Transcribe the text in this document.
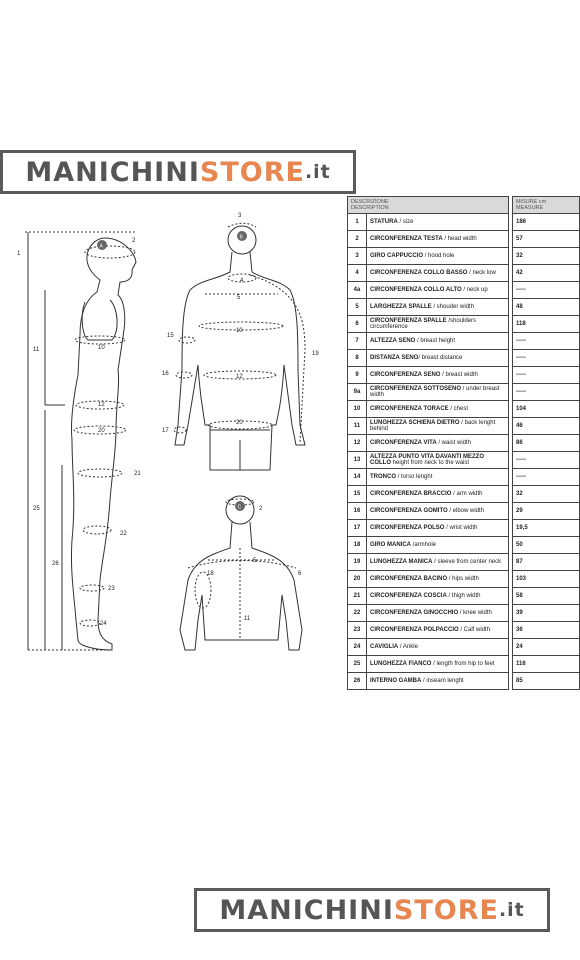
MANICHINI STORE .it
1
2
A
11	10
12
20
21
22
23
24
25
26
3
B
4
5
10
15
16
17
12
20
19
C	2
5
18	6
11
DESCRIZIONE
DESCRIPTION			MISURE cm
MEASURE
1	STATURA / size		186
2	CIRCONFERENZA TESTA / head width		57
3	GIRO CAPPUCCIO / hood hole		32
4	CIRCONFERENZA COLLO BASSO / neck low		42
4a	CIRCONFERENZA COLLO ALTO / neck up		-----
5	LARGHEZZA SPALLE / shouder width		48
6	CIRCONFERENZA SPALLE /shoulders circumference		118
7	ALTEZZA SENO / breast height		-----
8	DISTANZA SENO/ breast distance		-----
9	CIRCONFERENZA SENO / breast width		-----
9a	CIRCONFERENZA SOTTOSENO / under breast width		-----
10	CIRCONFERENZA TORACE / chest		104
11	LUNGHEZZA SCHIENA DIETRO / back lenght behind		46
12	CIRCONFERENZA VITA / waist width		86
13	ALTEZZA PUNTO VITA DAVANTI MEZZO COLLO height from neck to the waist		-----
14	TRONCO / torso lenght		-----
15	CIRCONFERENZA BRACCIO / arm width		32
16	CIRCONFERENZA GOMITO / elbow width		29
17	CIRCONFERENZA POLSO / wrist width		19,5
18	GIRO MANICA /armhole		50
19	LUNGHEZZA MANICA / sleeve from center neck		87
20	CIRCONFERENZA BACINO / hips width		103
21	CIRCONFERENZA COSCIA / thigh width		58
22	CIRCONFERENZA GINOCCHIO / knee width		39
23	CIRCONFERENZA POLPACCIO / Calf width		36
24	CAVIGLIA / Ankle		24
25	LUNGHEZZA FIANCO / length from hip to feet		116
26	INTERNO GAMBA / inseam lenght		85
MANICHINI STORE .it
